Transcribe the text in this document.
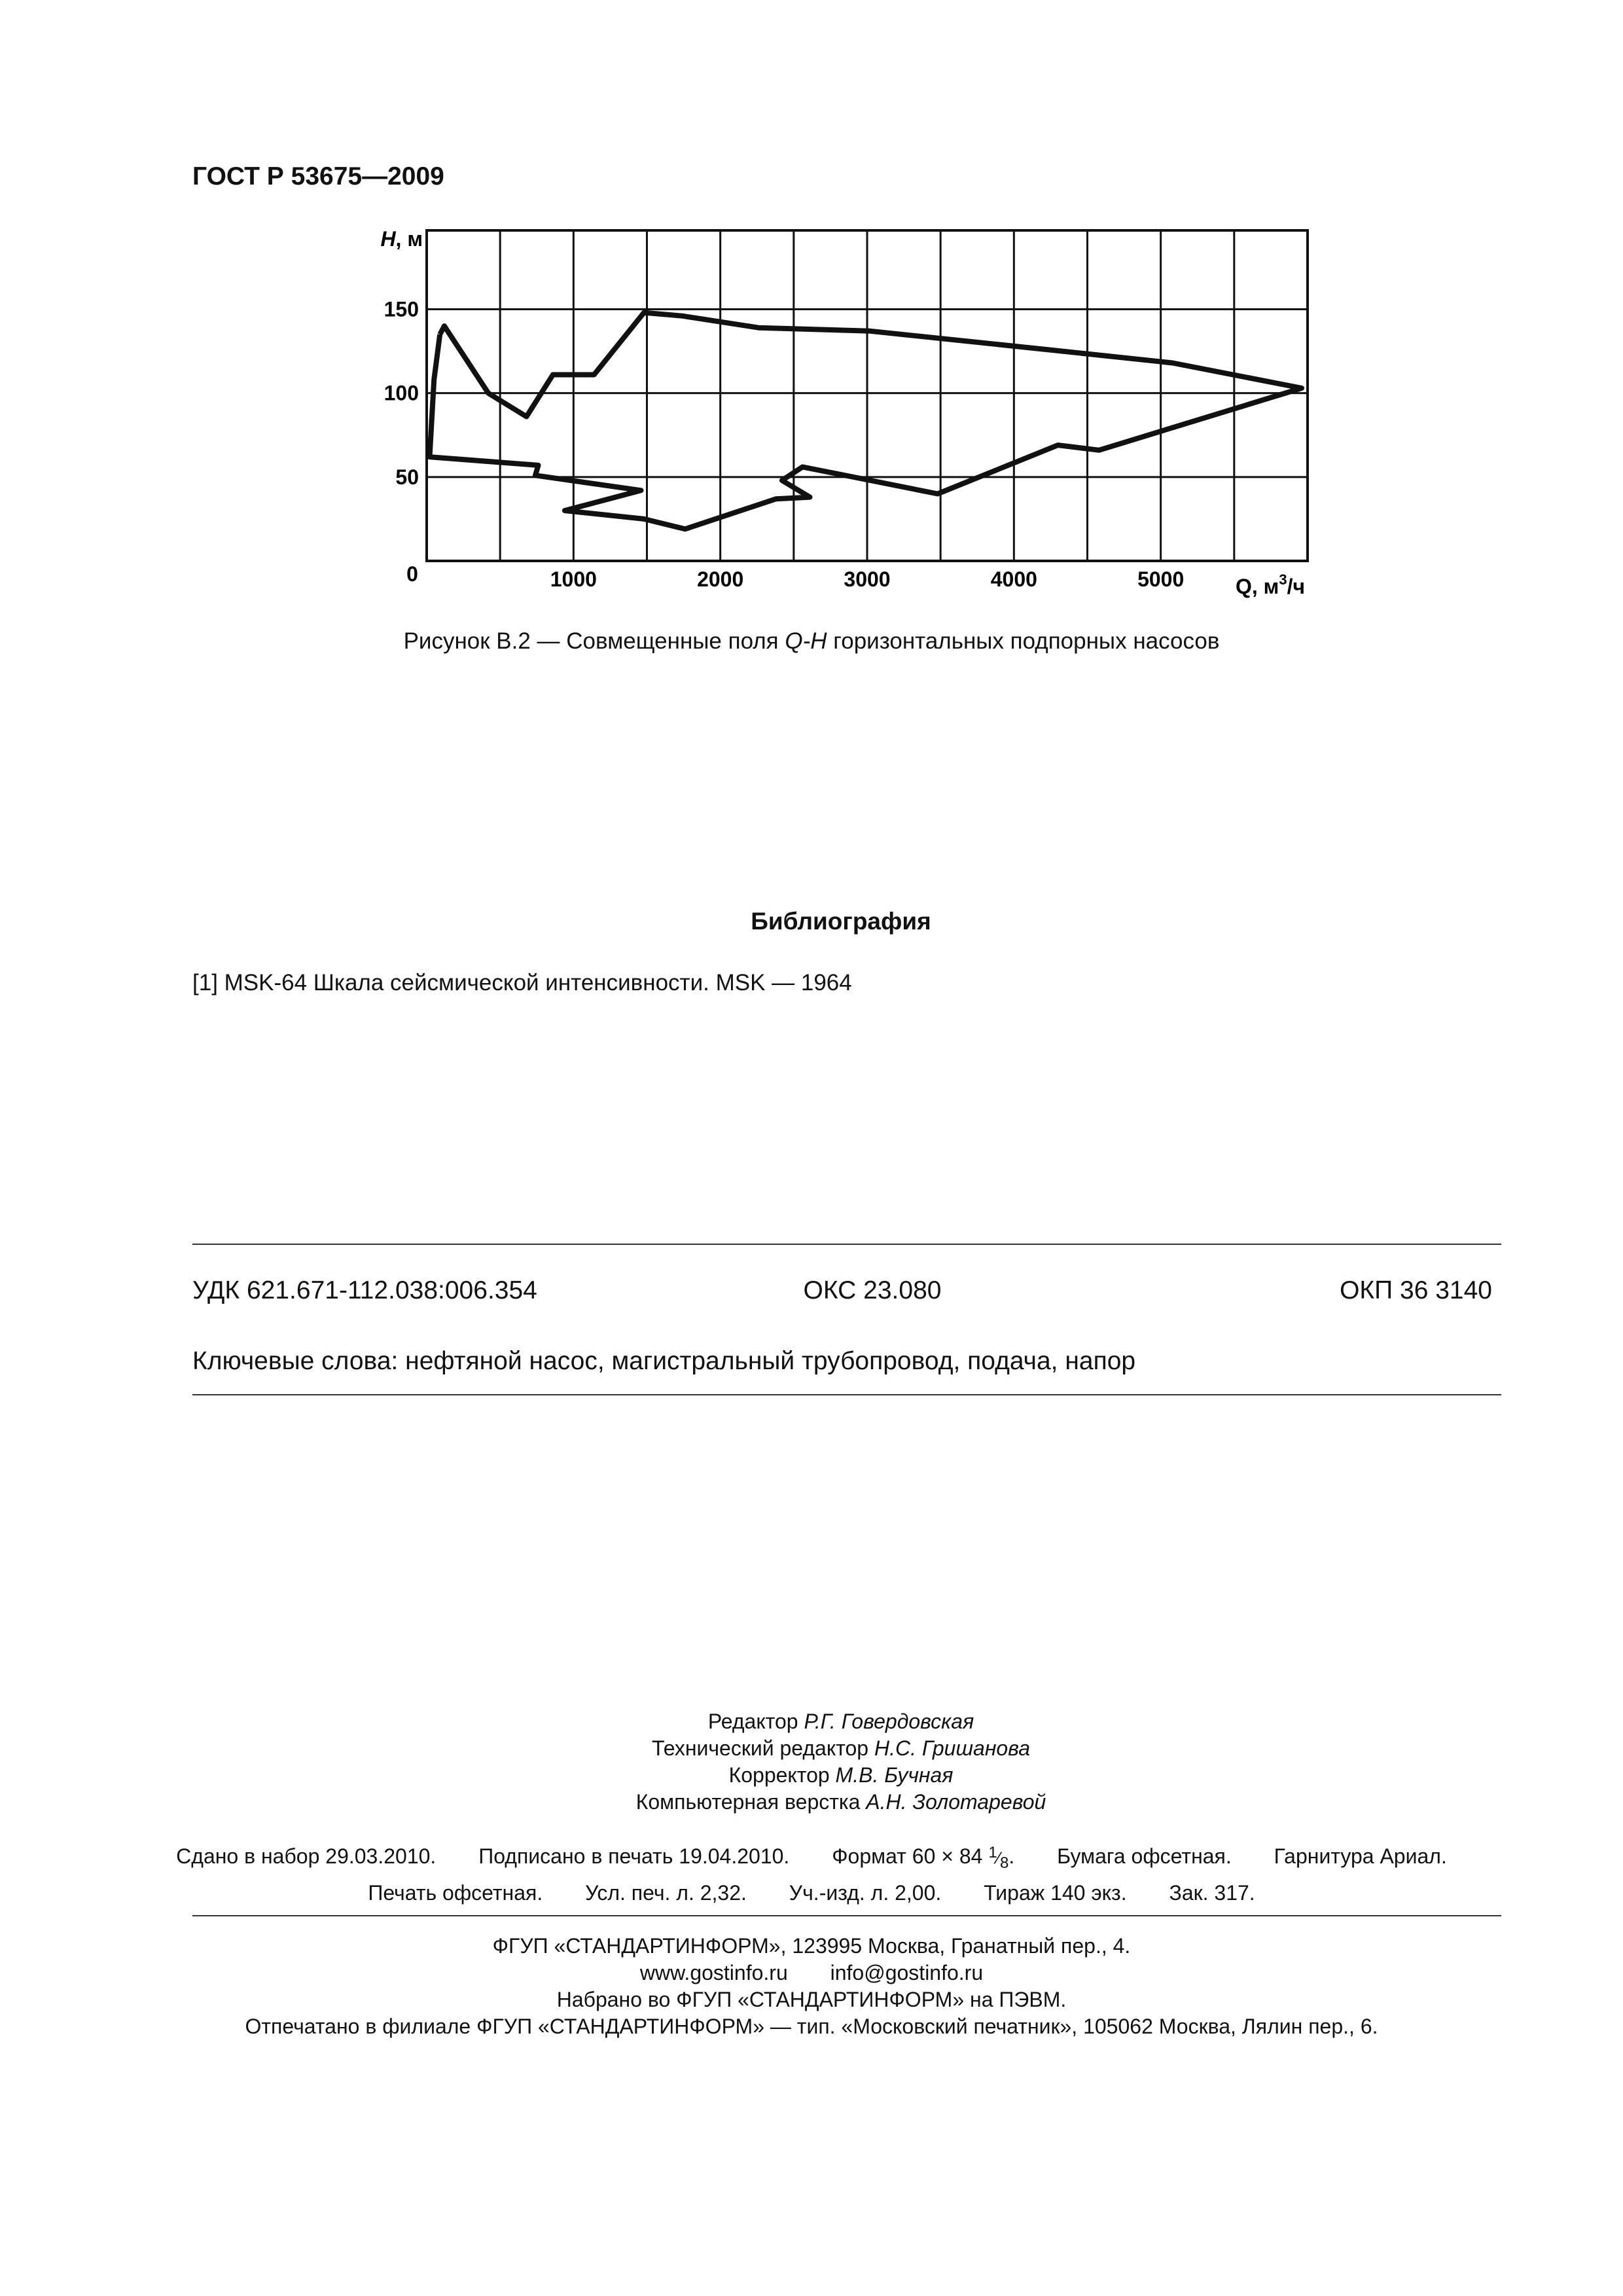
ГОСТ Р 53675—2009
150
100
50
1000	2000	3000	4000	5000
0
H, м
Q, $м^3/ч$
Рисунок В.2 — Совмещенные поля Q-H горизонтальных подпорных насосов
Библиография
[1] MSK-64 Шкала сейсмической интенсивности. MSK — 1964
УДК 621.671-112.038:006.354	ОКС 23.080	ОКП 36 3140
Ключевые слова: нефтяной насос, магистральный трубопровод, подача, напор
Редактор Р.Г. Говердовская
Технический редактор Н.С. Гришанова
Корректор М.В. Бучная
Компьютерная верстка А.Н. Золотаревой
Сдано в набор 29.03.2010. Подписано в печать 19.04.2010. Формат 60 × 84 $^1⁄_8$. Бумага офсетная. Гарнитура Ариал.
Печать офсетная. Усл. печ. л. 2,32. Уч.-изд. л. 2,00. Тираж 140 экз. Зак. 317.
ФГУП «СТАНДАРТИНФОРМ», 123995 Москва, Гранатный пер., 4.
www.gostinfo.ru info@gostinfo.ru
Набрано во ФГУП «СТАНДАРТИНФОРМ» на ПЭВМ.
Отпечатано в филиале ФГУП «СТАНДАРТИНФОРМ» — тип. «Московский печатник», 105062 Москва, Лялин пер., 6.
